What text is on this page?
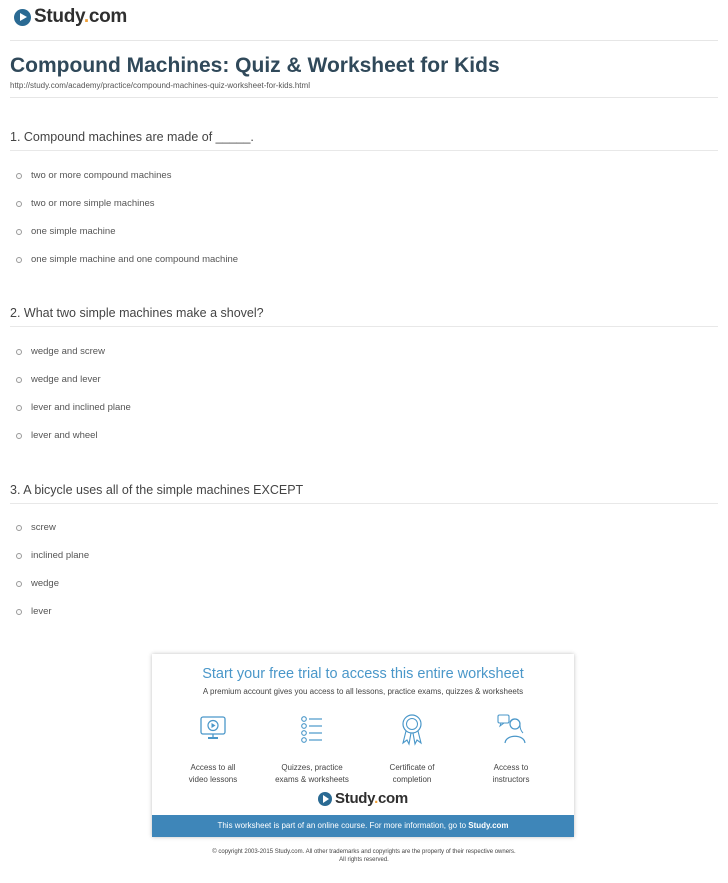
Study.com
Compound Machines: Quiz & Worksheet for Kids
http://study.com/academy/practice/compound-machines-quiz-worksheet-for-kids.html

1. Compound machines are made of _____.

two or more compound machines
two or more simple machines
one simple machine
one simple machine and one compound machine

2. What two simple machines make a shovel?

wedge and screw
wedge and lever
lever and inclined plane
lever and wheel

3. A bicycle uses all of the simple machines EXCEPT

screw
inclined plane
wedge
lever
Start your free trial to access this entire worksheet
A premium account gives you access to all lessons, practice exams, quizzes & worksheets
Access to all
video lessons
Quizzes, practice
exams & worksheets
Certificate of
completion
Access to
instructors
Study.com
This worksheet is part of an online course. For more information, go to Study.com
© copyright 2003-2015 Study.com. All other trademarks and copyrights are the property of their respective owners.
All rights reserved.
